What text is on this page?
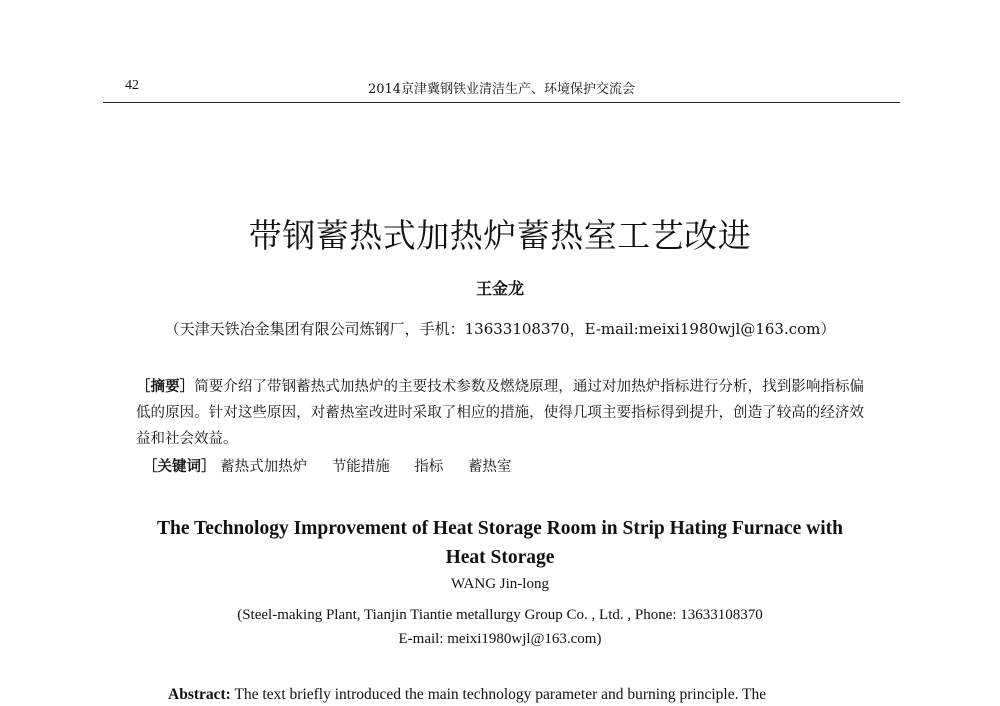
42	2014京津冀钢铁业清洁生产、环境保护交流会
带钢蓄热式加热炉蓄热室工艺改进
王金龙
（天津天铁冶金集团有限公司炼钢厂，手机：13633108370，E-mail:meixi1980wjl@163.com）
［摘要］简要介绍了带钢蓄热式加热炉的主要技术参数及燃烧原理，通过对加热炉指标进行分析，找到影响指标偏低的原因。针对这些原因，对蓄热室改进时采取了相应的措施，使得几项主要指标得到提升，创造了较高的经济效益和社会效益。
［关键词］ 蓄热式加热炉 节能措施 指标 蓄热室
The Technology Improvement of Heat Storage Room in Strip Hating Furnace with
Heat Storage
WANG Jin-long
(Steel-making Plant, Tianjin Tiantie metallurgy Group Co. , Ltd. , Phone: 13633108370
E-mail: meixi1980wjl@163.com)
Abstract: The text briefly introduced the main technology parameter and burning principle. The
